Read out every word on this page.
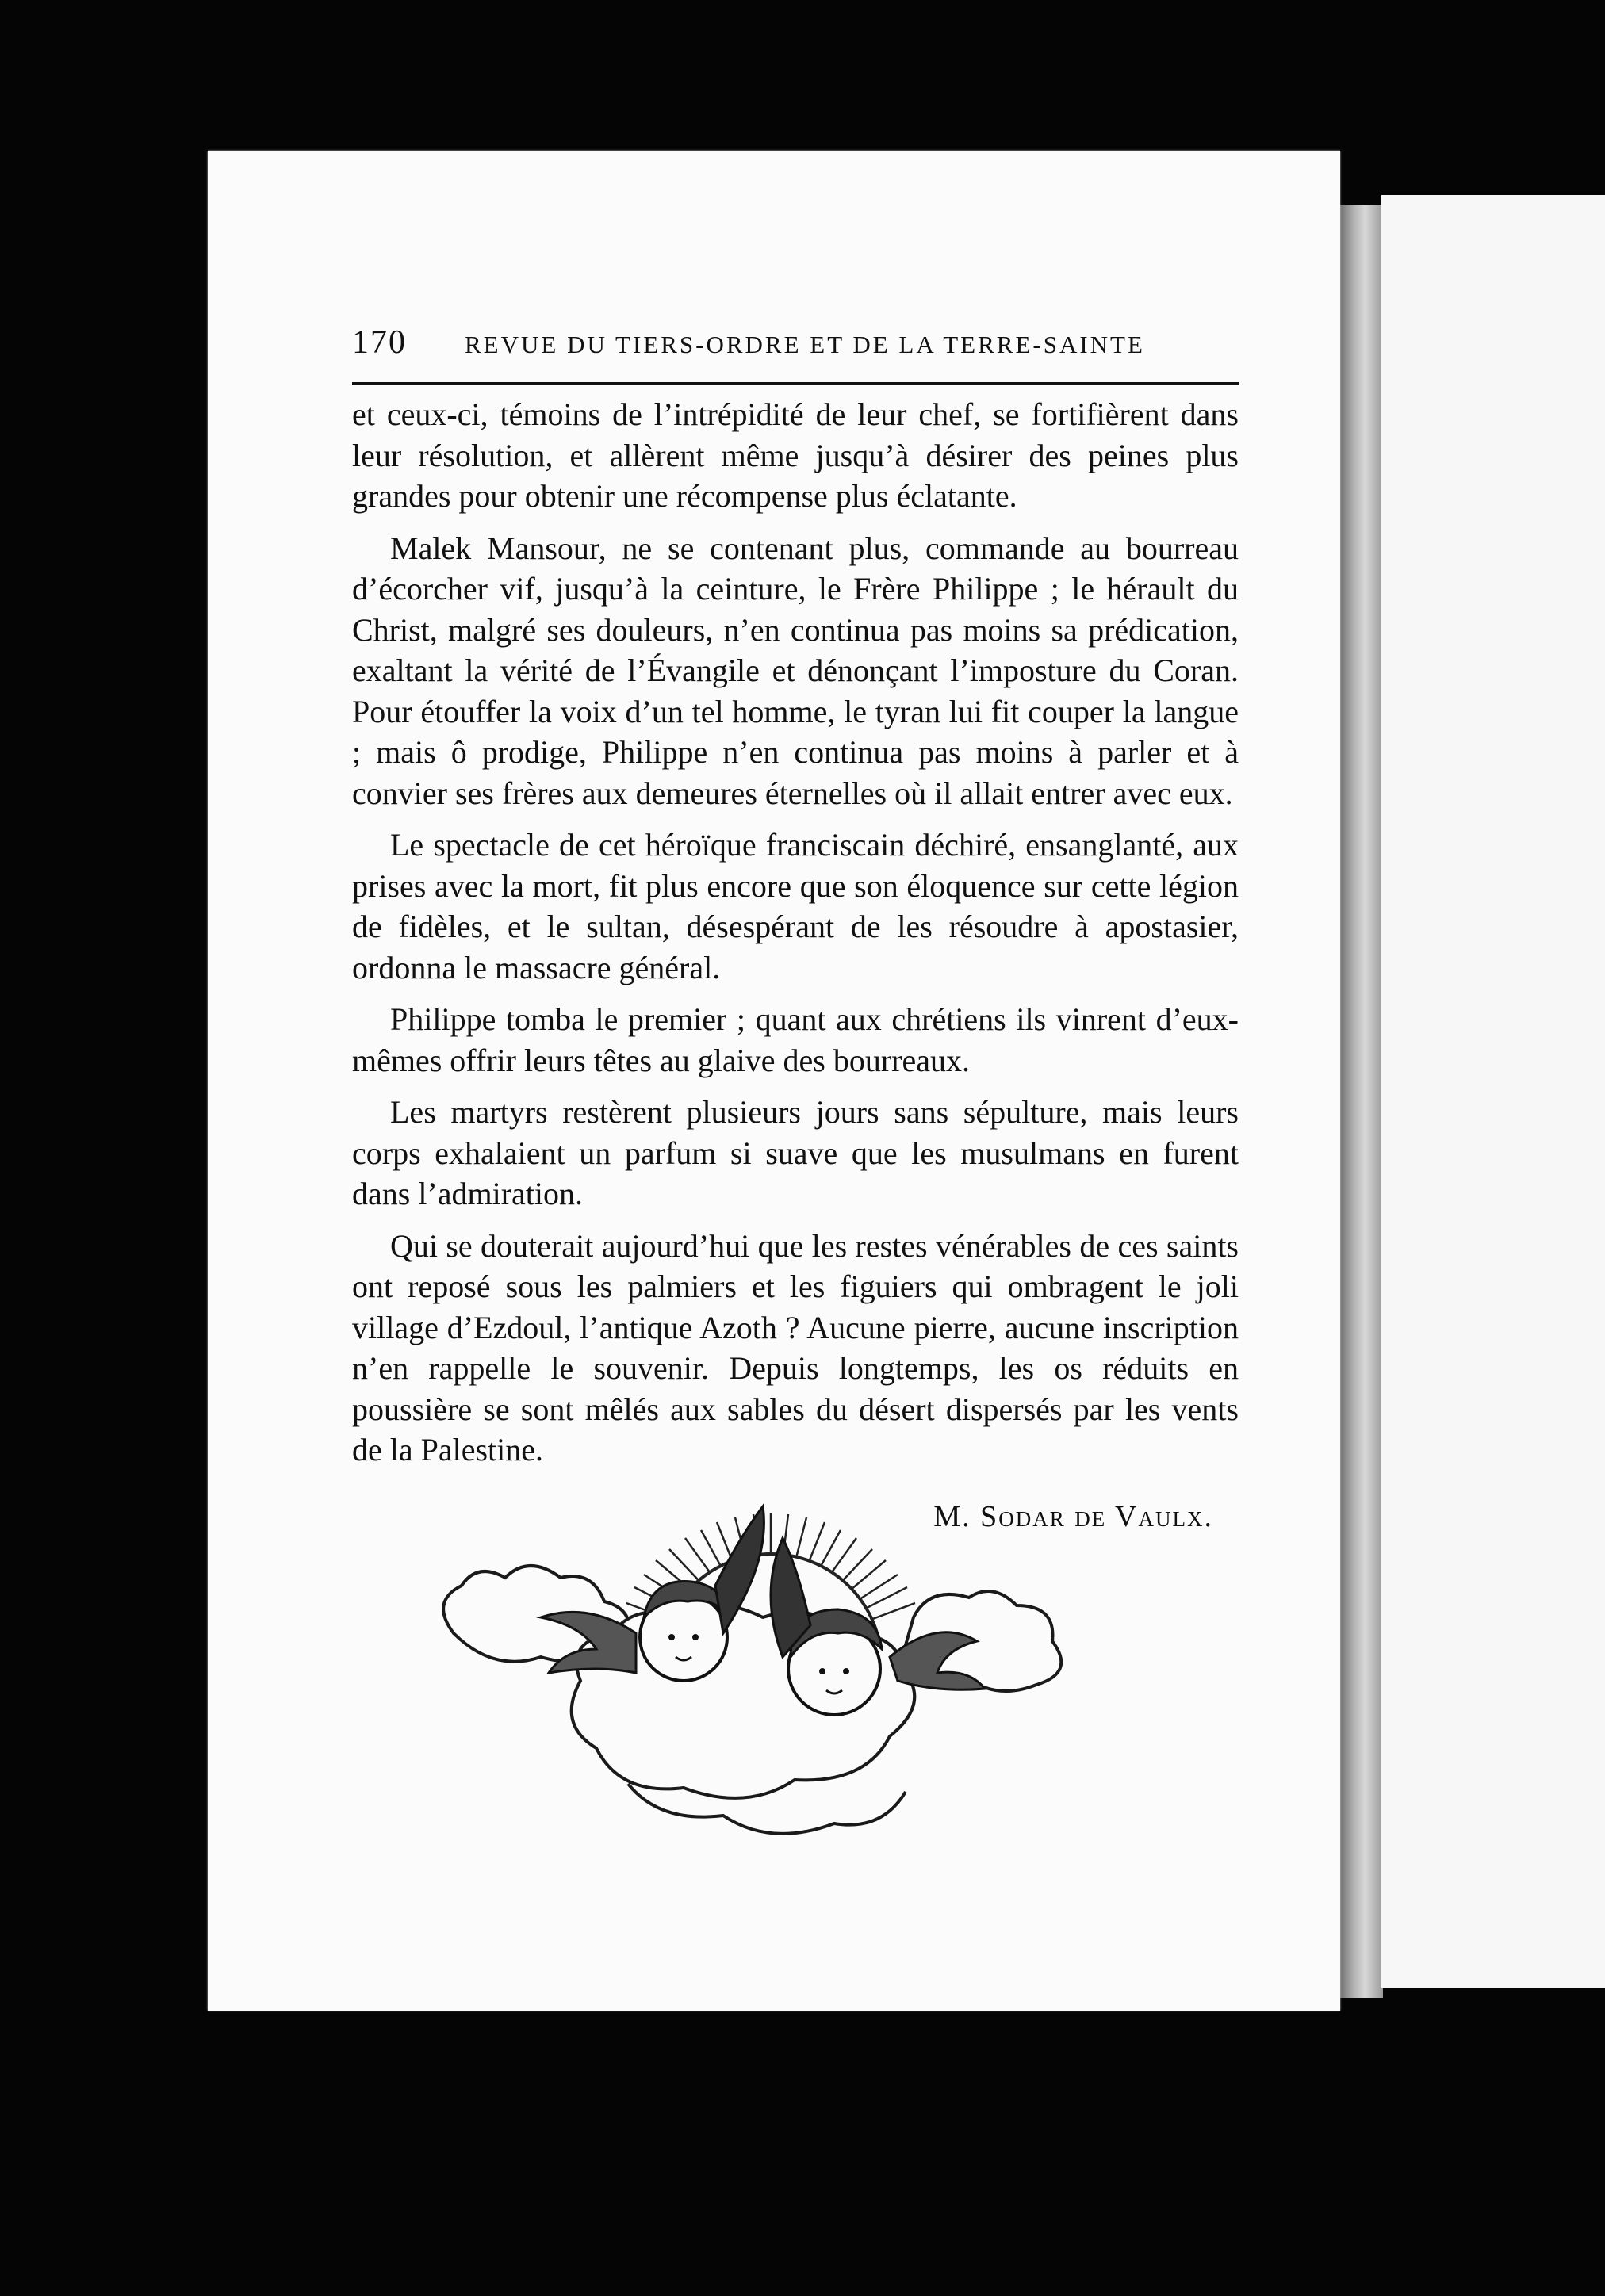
170	REVUE DU TIERS-ORDRE ET DE LA TERRE-SAINTE

et ceux-ci, témoins de l’intrépidité de leur chef, se fortifièrent dans leur résolution, et allèrent même jusqu’à désirer des peines plus grandes pour obtenir une récompense plus éclatante.

Malek Mansour, ne se contenant plus, commande au bourreau d’écorcher vif, jusqu’à la ceinture, le Frère Philippe ; le hérault du Christ, malgré ses douleurs, n’en continua pas moins sa prédication, exaltant la vérité de l’Évangile et dénonçant l’imposture du Coran. Pour étouffer la voix d’un tel homme, le tyran lui fit couper la langue ; mais ô prodige, Philippe n’en continua pas moins à parler et à convier ses frères aux demeures éternelles où il allait entrer avec eux.

Le spectacle de cet héroïque franciscain déchiré, ensanglanté, aux prises avec la mort, fit plus encore que son éloquence sur cette légion de fidèles, et le sultan, désespérant de les résoudre à apostasier, ordonna le massacre général.

Philippe tomba le premier ; quant aux chrétiens ils vinrent d’eux-mêmes offrir leurs têtes au glaive des bourreaux.

Les martyrs restèrent plusieurs jours sans sépulture, mais leurs corps exhalaient un parfum si suave que les musulmans en furent dans l’admiration.

Qui se douterait aujourd’hui que les restes vénérables de ces saints ont reposé sous les palmiers et les figuiers qui ombragent le joli village d’Ezdoul, l’antique Azoth ? Aucune pierre, aucune inscription n’en rappelle le souvenir. Depuis longtemps, les os réduits en poussière se sont mêlés aux sables du désert dispersés par les vents de la Palestine.

M. Sodar de Vaulx.
